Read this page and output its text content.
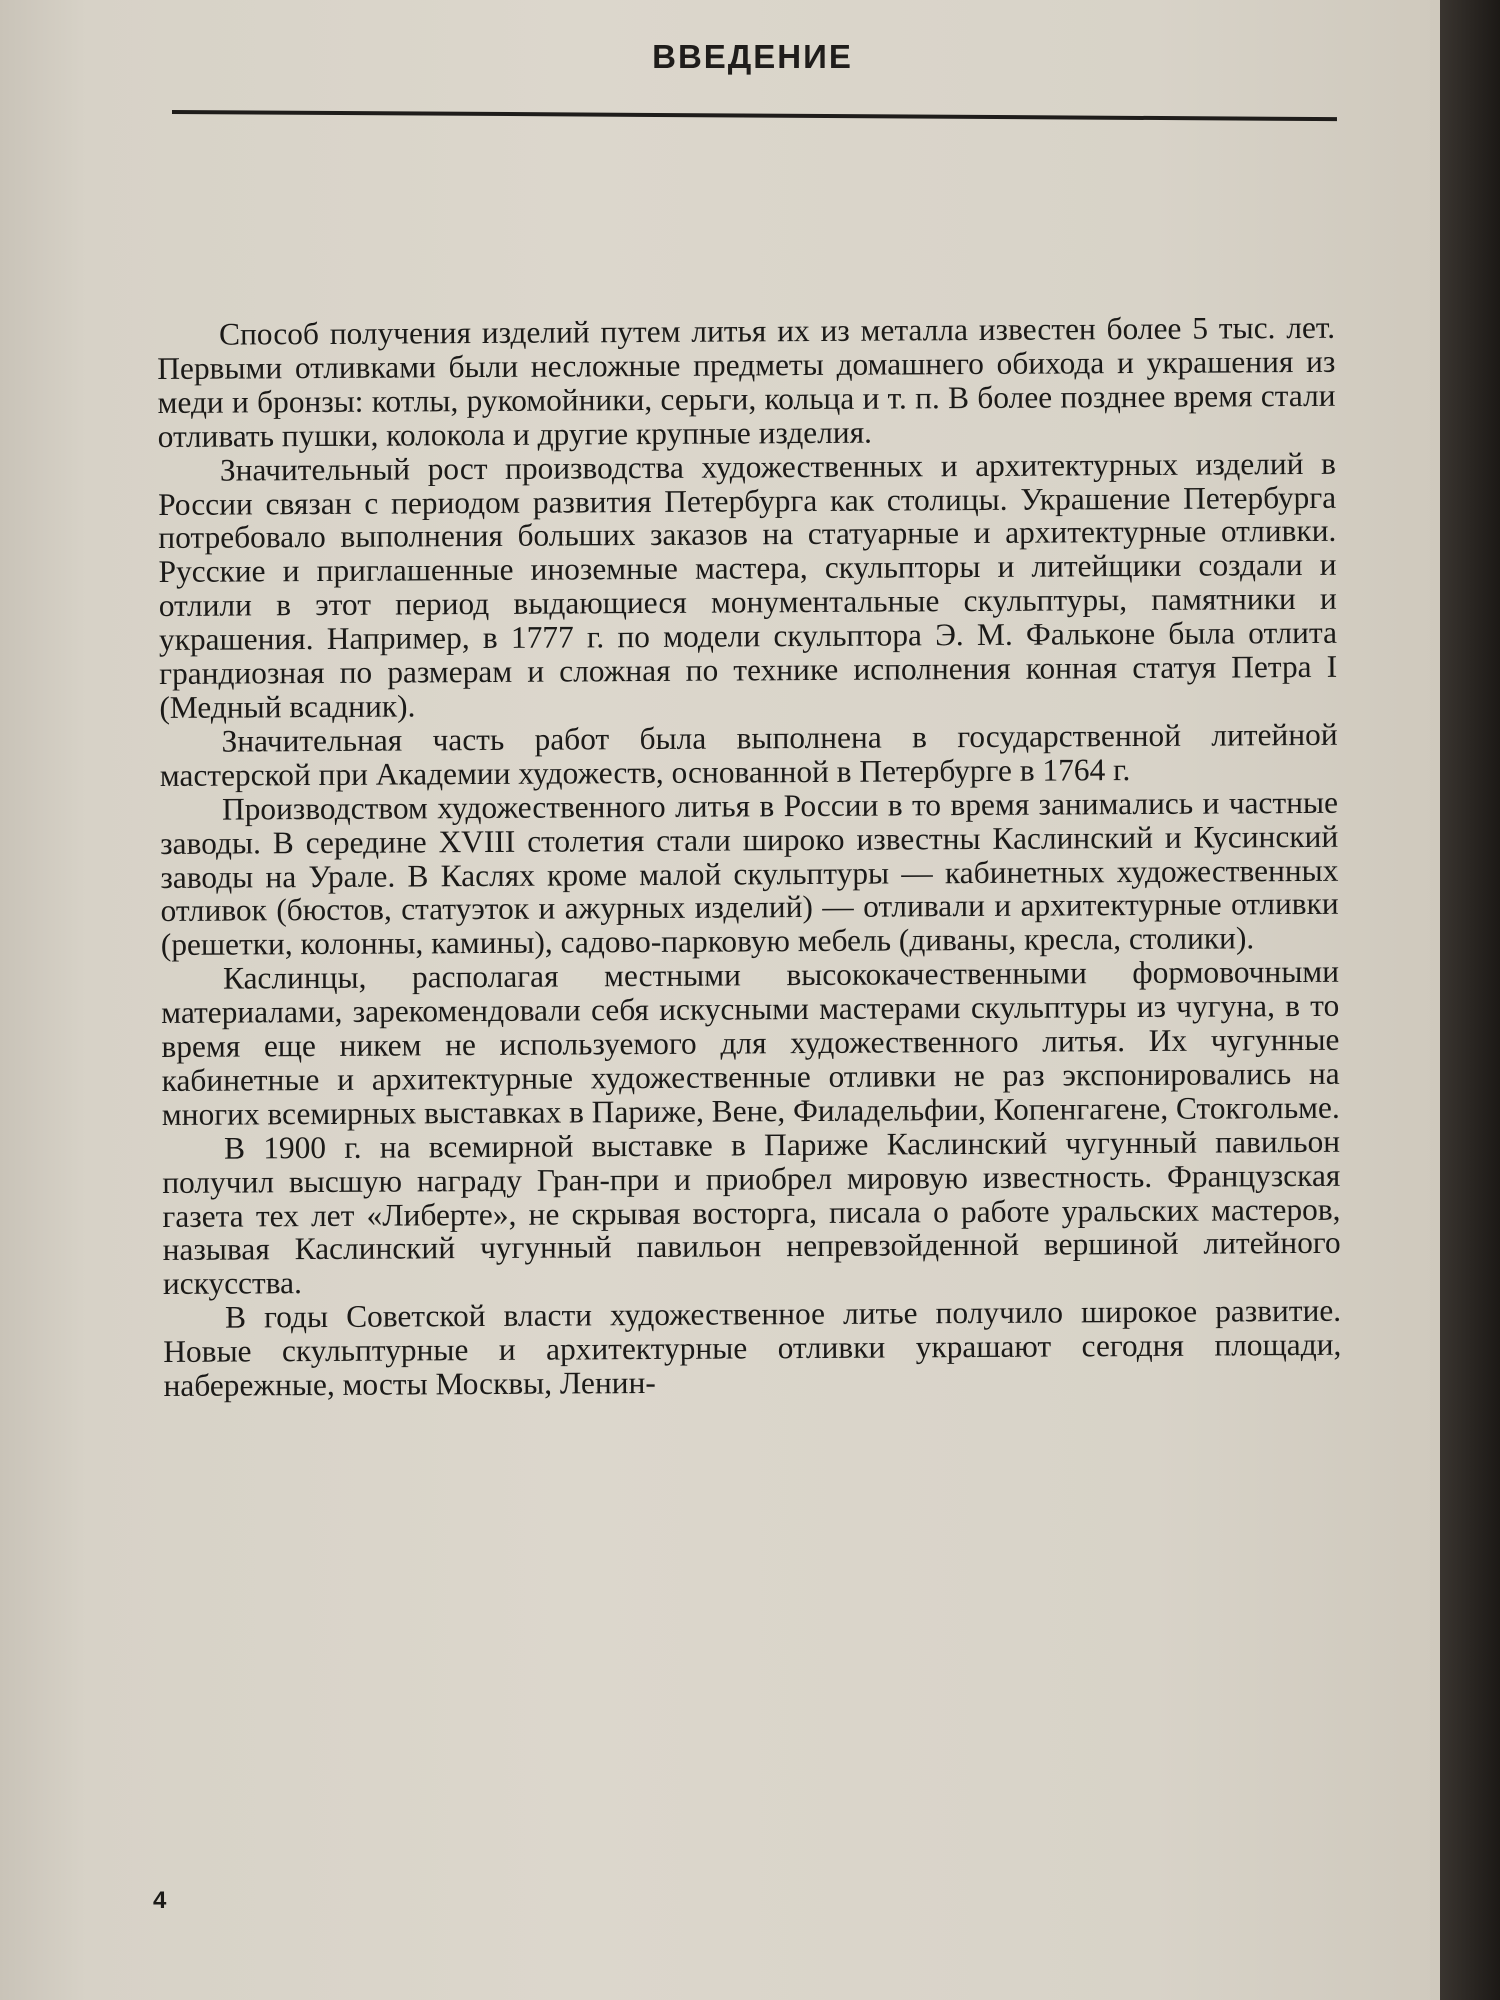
ВВЕДЕНИЕ

Способ получения изделий путем литья их из металла известен более 5 тыс. лет. Первыми отливками были несложные предметы домашнего обихода и украшения из меди и бронзы: котлы, рукомойники, серьги, кольца и т. п. В более позднее время стали отливать пушки, колокола и другие крупные изделия.

Значительный рост производства художественных и архитектурных изделий в России связан с периодом развития Петербурга как столицы. Украшение Петербурга потребовало выполнения больших заказов на статуарные и архитектурные отливки. Русские и приглашенные иноземные мастера, скульпторы и литейщики создали и отлили в этот период выдающиеся монументальные скульптуры, памятники и украшения. Например, в 1777 г. по модели скульптора Э. М. Фальконе была отлита грандиозная по размерам и сложная по технике исполнения конная статуя Петра I (Медный всадник).

Значительная часть работ была выполнена в государственной литейной мастерской при Академии художеств, основанной в Петербурге в 1764 г.

Производством художественного литья в России в то время занимались и частные заводы. В середине XVIII столетия стали широко известны Каслинский и Кусинский заводы на Урале. В Каслях кроме малой скульптуры — кабинетных художественных отливок (бюстов, статуэток и ажурных изделий) — отливали и архитектурные отливки (решетки, колонны, камины), садово-парковую мебель (диваны, кресла, столики).

Каслинцы, располагая местными высококачественными формовочными материалами, зарекомендовали себя искусными мастерами скульптуры из чугуна, в то время еще никем не используемого для художественного литья. Их чугунные кабинетные и архитектурные художественные отливки не раз экспонировались на многих всемирных выставках в Париже, Вене, Филадельфии, Копенгагене, Стокгольме.

В 1900 г. на всемирной выставке в Париже Каслинский чугунный павильон получил высшую награду Гран-при и приобрел мировую известность. Французская газета тех лет «Либерте», не скрывая восторга, писала о работе уральских мастеров, называя Каслинский чугунный павильон непревзойденной вершиной литейного искусства.

В годы Советской власти художественное литье получило широкое развитие. Новые скульптурные и архитектурные отливки украшают сегодня площади, набережные, мосты Москвы, Ленин-

4
